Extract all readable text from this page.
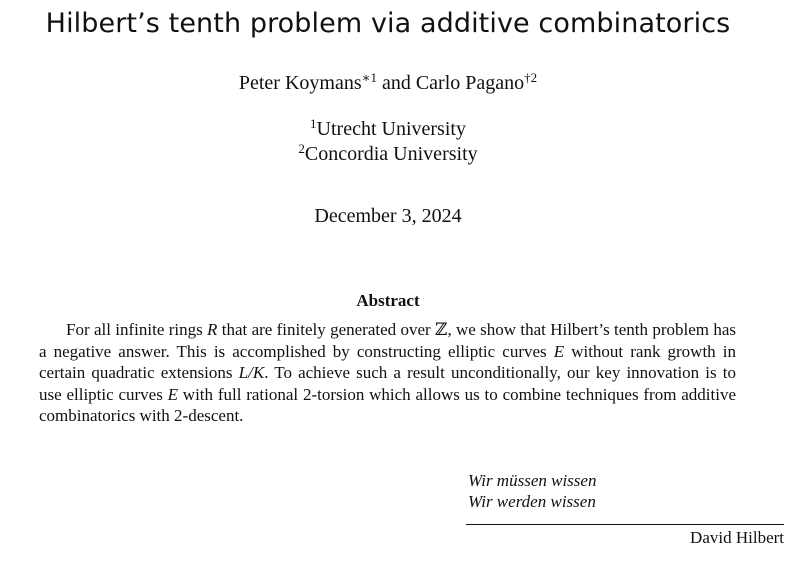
Hilbert’s tenth problem via additive combinatorics
Peter Koymans$^{∗1}$ and Carlo Pagano$^{\dagger 2}$
$^1$Utrecht University
$^2$Concordia University
December 3, 2024
Abstract
For all infinite rings R that are finitely generated over ℤ, we show that Hilbert’s tenth problem has a negative answer. This is accomplished by constructing elliptic curves E without rank growth in certain quadratic extensions L/K. To achieve such a result unconditionally, our key innovation is to use elliptic curves E with full rational 2-torsion which allows us to combine techniques from additive combinatorics with 2-descent.
Wir müssen wissen
Wir werden wissen
David Hilbert
